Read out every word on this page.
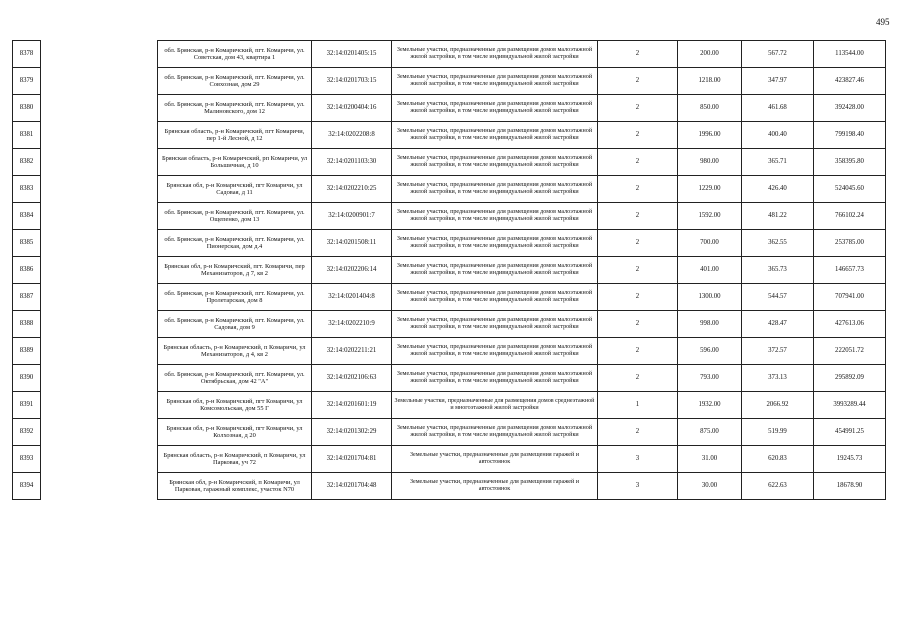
495
8378		обл. Брянская, р-н Комаричский, пгт. Комаричи, ул. Советская, дом 43, квартира 1	32:14:0201405:15	Земельные участки, предназначенные для размещения домов малоэтажной жилой застройки, в том числе индивидуальной жилой застройки	2	200.00	567.72	113544.00
8379		обл. Брянская, р-н Комаричский, пгт. Комаричи, ул. Совхозная, дом 29	32:14:0201703:15	Земельные участки, предназначенные для размещения домов малоэтажной жилой застройки, в том числе индивидуальной жилой застройки	2	1218.00	347.97	423827.46
8380		обл. Брянская, р-н Комаричский, пгт. Комаричи, ул. Малиновского, дом 12	32:14:0200404:16	Земельные участки, предназначенные для размещения домов малоэтажной жилой застройки, в том числе индивидуальной жилой застройки	2	850.00	461.68	392428.00
8381		Брянская область, р-н Комаричский, пгт Комаричи, пер 1-й Лесной, д 12	32:14:0202208:8	Земельные участки, предназначенные для размещения домов малоэтажной жилой застройки, в том числе индивидуальной жилой застройки	2	1996.00	400.40	799198.40
8382		Брянская область, р-н Комаричский, рп Комаричи, ул Большичная, д 10	32:14:0201103:30	Земельные участки, предназначенные для размещения домов малоэтажной жилой застройки, в том числе индивидуальной жилой застройки	2	980.00	365.71	358395.80
8383		Брянская обл, р-н Комаричский, пгт Комаричи, ул Садовая, д 11	32:14:0202210:25	Земельные участки, предназначенные для размещения домов малоэтажной жилой застройки, в том числе индивидуальной жилой застройки	2	1229.00	426.40	524045.60
8384		обл. Брянская, р-н Комаричский, пгт. Комаричи, ул. Ощепенко, дом 13	32:14:0200901:7	Земельные участки, предназначенные для размещения домов малоэтажной жилой застройки, в том числе индивидуальной жилой застройки	2	1592.00	481.22	766102.24
8385		обл. Брянская, р-н Комаричский, пгт. Комаричи, ул. Пионерская, дом д.4	32:14:0201508:11	Земельные участки, предназначенные для размещения домов малоэтажной жилой застройки, в том числе индивидуальной жилой застройки	2	700.00	362.55	253785.00
8386		Брянская обл, р-н Комаричский, пгт. Комаричи, пер Механизаторов, д 7, кв 2	32:14:0202206:14	Земельные участки, предназначенные для размещения домов малоэтажной жилой застройки, в том числе индивидуальной жилой застройки	2	401.00	365.73	146657.73
8387		обл. Брянская, р-н Комаричский, пгт. Комаричи, ул. Пролетарская, дом 8	32:14:0201404:8	Земельные участки, предназначенные для размещения домов малоэтажной жилой застройки, в том числе индивидуальной жилой застройки	2	1300.00	544.57	707941.00
8388		обл. Брянская, р-н Комаричский, пгт. Комаричи, ул. Садовая, дом 9	32:14:0202210:9	Земельные участки, предназначенные для размещения домов малоэтажной жилой застройки, в том числе индивидуальной жилой застройки	2	998.00	428.47	427613.06
8389		Брянская область, р-н Комаричский, п Комаричи, ул Механизаторов, д 4, кв 2	32:14:0202211:21	Земельные участки, предназначенные для размещения домов малоэтажной жилой застройки, в том числе индивидуальной жилой застройки	2	596.00	372.57	222051.72
8390		обл. Брянская, р-н Комаричский, пгт. Комаричи, ул. Октябрьская, дом 42 "А"	32:14:0202106:63	Земельные участки, предназначенные для размещения домов малоэтажной жилой застройки, в том числе индивидуальной жилой застройки	2	793.00	373.13	295892.09
8391		Брянская обл, р-н Комаричский, пгт Комаричи, ул Комсомольская, дом 55 Г	32:14:0201601:19	Земельные участки, предназначенные для размещения домов среднеэтажной и многоэтажной жилой застройки	1	1932.00	2066.92	3993289.44
8392		Брянская обл, р-н Комаричский, пгт Комаричи, ул Колхозная, д 20	32:14:0201302:29	Земельные участки, предназначенные для размещения домов малоэтажной жилой застройки, в том числе индивидуальной жилой застройки	2	875.00	519.99	454991.25
8393		Брянская область, р-н Комаричский, п Комаричи, ул Парковая, уч 72	32:14:0201704:81	Земельные участки, предназначенные для размещения гаражей и автостоянок	3	31.00	620.83	19245.73
8394		Брянская обл, р-н Комаричский, п Комаричи, ул Парковая, гаражный комплекс, участок N70	32:14:0201704:48	Земельные участки, предназначенные для размещения гаражей и автостоянок	3	30.00	622.63	18678.90
